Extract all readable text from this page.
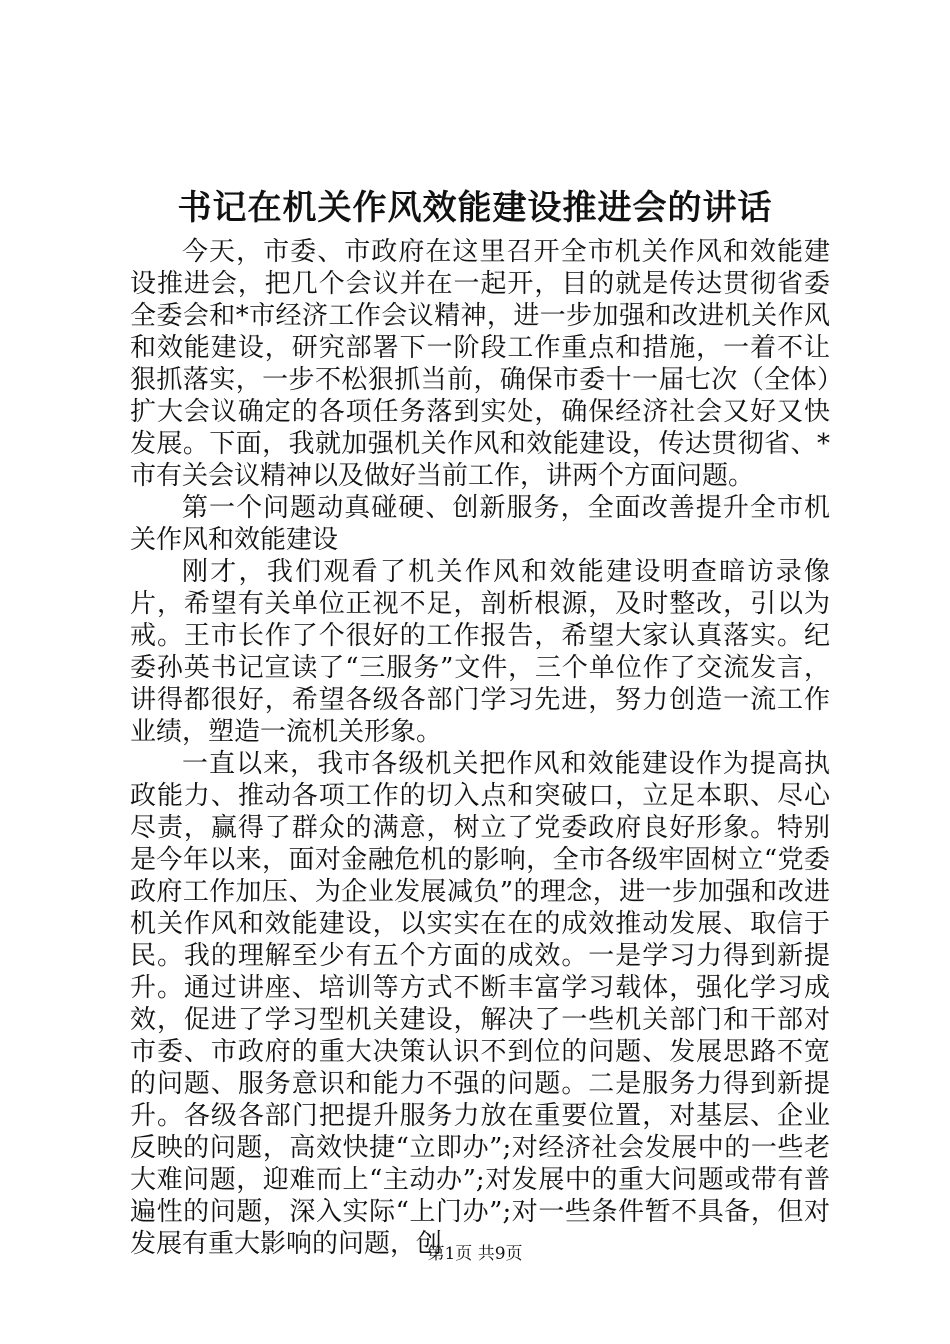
书记在机关作风效能建设推进会的讲话

今天，市委、市政府在这里召开全市机关作风和效能建设推进会，把几个会议并在一起开，目的就是传达贯彻省委全委会和*市经济工作会议精神，进一步加强和改进机关作风和效能建设，研究部署下一阶段工作重点和措施，一着不让狠抓落实，一步不松狠抓当前，确保市委十一届七次（全体）扩大会议确定的各项任务落到实处，确保经济社会又好又快发展。下面，我就加强机关作风和效能建设，传达贯彻省、*市有关会议精神以及做好当前工作，讲两个方面问题。

第一个问题动真碰硬、创新服务，全面改善提升全市机关作风和效能建设

刚才，我们观看了机关作风和效能建设明查暗访录像片，希望有关单位正视不足，剖析根源，及时整改，引以为戒。王市长作了个很好的工作报告，希望大家认真落实。纪委孙英书记宣读了“三服务”文件，三个单位作了交流发言，讲得都很好，希望各级各部门学习先进，努力创造一流工作业绩，塑造一流机关形象。

一直以来，我市各级机关把作风和效能建设作为提高执政能力、推动各项工作的切入点和突破口，立足本职、尽心尽责，赢得了群众的满意，树立了党委政府良好形象。特别是今年以来，面对金融危机的影响，全市各级牢固树立“党委政府工作加压、为企业发展减负”的理念，进一步加强和改进机关作风和效能建设，以实实在在的成效推动发展、取信于民。我的理解至少有五个方面的成效。一是学习力得到新提升。通过讲座、培训等方式不断丰富学习载体，强化学习成效，促进了学习型机关建设，解决了一些机关部门和干部对市委、市政府的重大决策认识不到位的问题、发展思路不宽的问题、服务意识和能力不强的问题。二是服务力得到新提升。各级各部门把提升服务力放在重要位置，对基层、企业反映的问题，高效快捷“立即办”;对经济社会发展中的一些老大难问题，迎难而上“主动办”;对发展中的重大问题或带有普遍性的问题，深入实际“上门办”;对一些条件暂不具备，但对发展有重大影响的问题，创

第1页 共9页
